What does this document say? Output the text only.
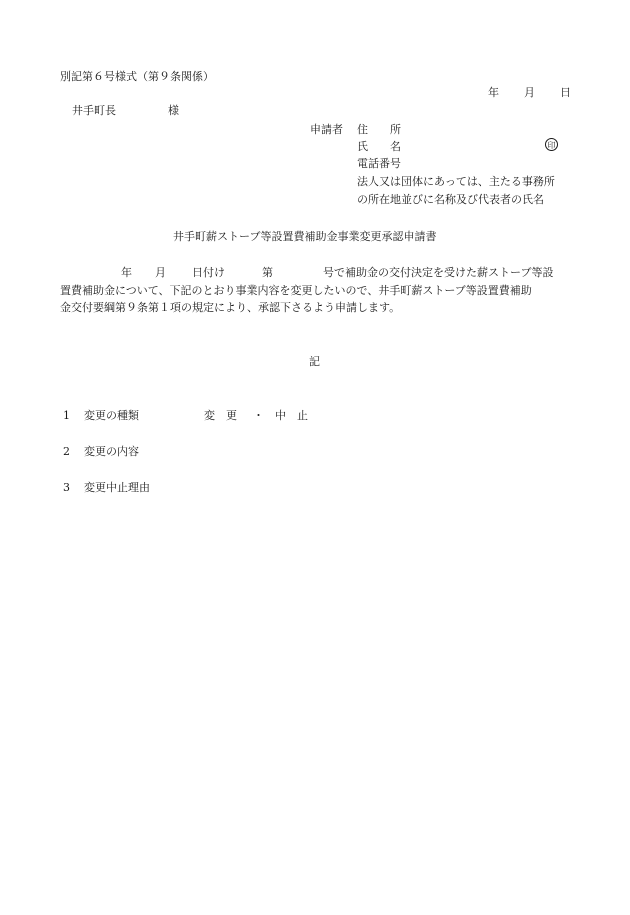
別記第６号様式（第９条関係）
年 月 日
井手町長	様
申請者 住　　所
氏　　名	印
電話番号
法人又は団体にあっては、主たる事務所
の所在地並びに名称及び代表者の氏名
井手町薪ストーブ等設置費補助金事業変更承認申請書
年 月 日付け	第	号で補助金の交付決定を受けた薪ストーブ等設
置費補助金について、下記のとおり事業内容を変更したいので、井手町薪ストーブ等設置費補助
金交付要綱第９条第１項の規定により、承認下さるよう申請します。
記
1 変更の種類	変　更 ・ 中　止
2 変更の内容
3 変更中止理由
